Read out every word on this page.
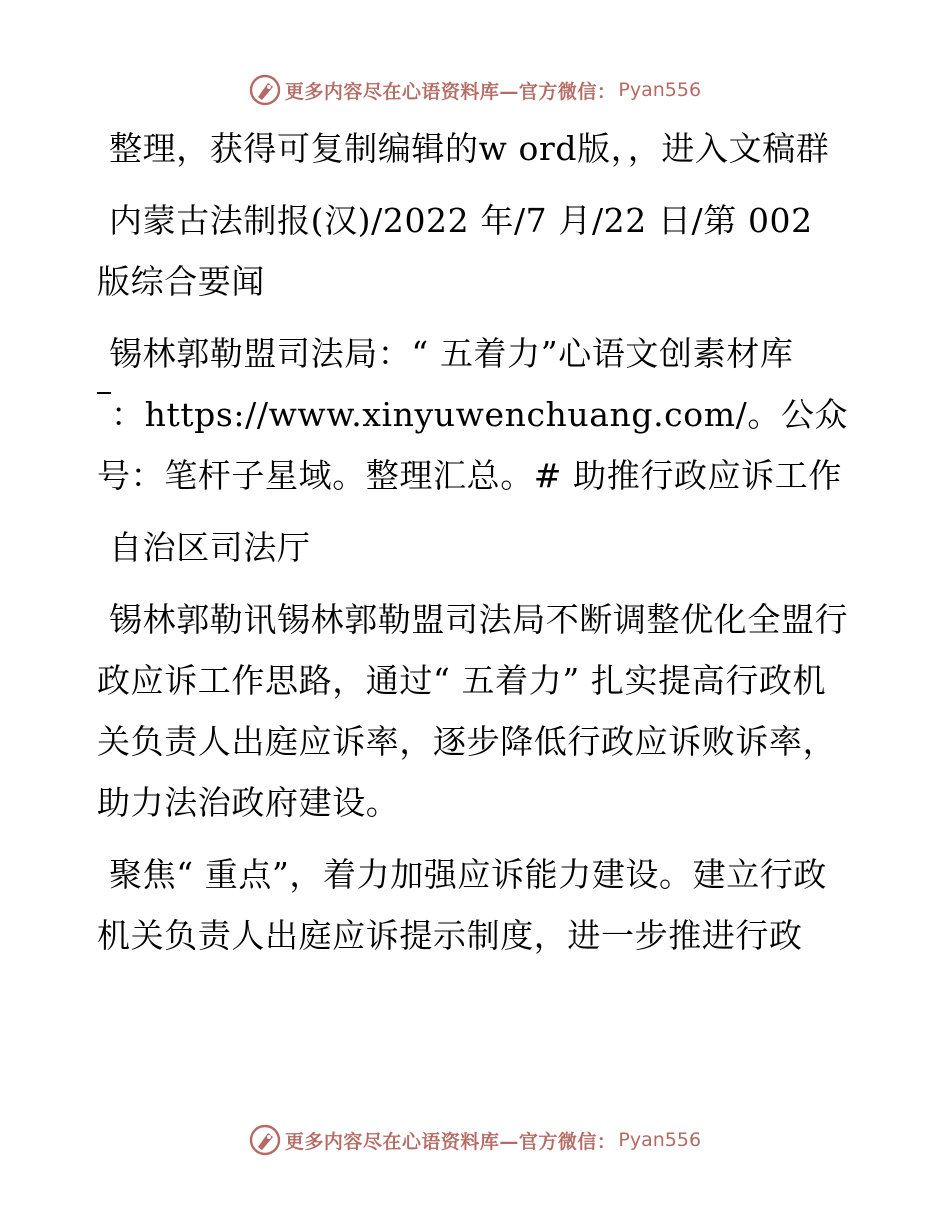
更多内容尽在心语资料库—官方微信： Pyan556

整理，获得可复制编辑的w ord版，，进入文稿群

内蒙古法制报(汉)/2022 年/7 月/22 日/第 002 版综合要闻

锡林郭勒盟司法局：“ 五着力”心语文创素材库

：https://www.xinyuwenchuang.com/。公众号：笔杆子星域。整理汇总。# 助推行政应诉工作

自治区司法厅

锡林郭勒讯锡林郭勒盟司法局不断调整优化全盟行政应诉工作思路，通过“ 五着力” 扎实提高行政机关负责人出庭应诉率，逐步降低行政应诉败诉率，助力法治政府建设。

聚焦“ 重点”，着力加强应诉能力建设。建立行政机关负责人出庭应诉提示制度，进一步推进行政

更多内容尽在心语资料库—官方微信： Pyan556
